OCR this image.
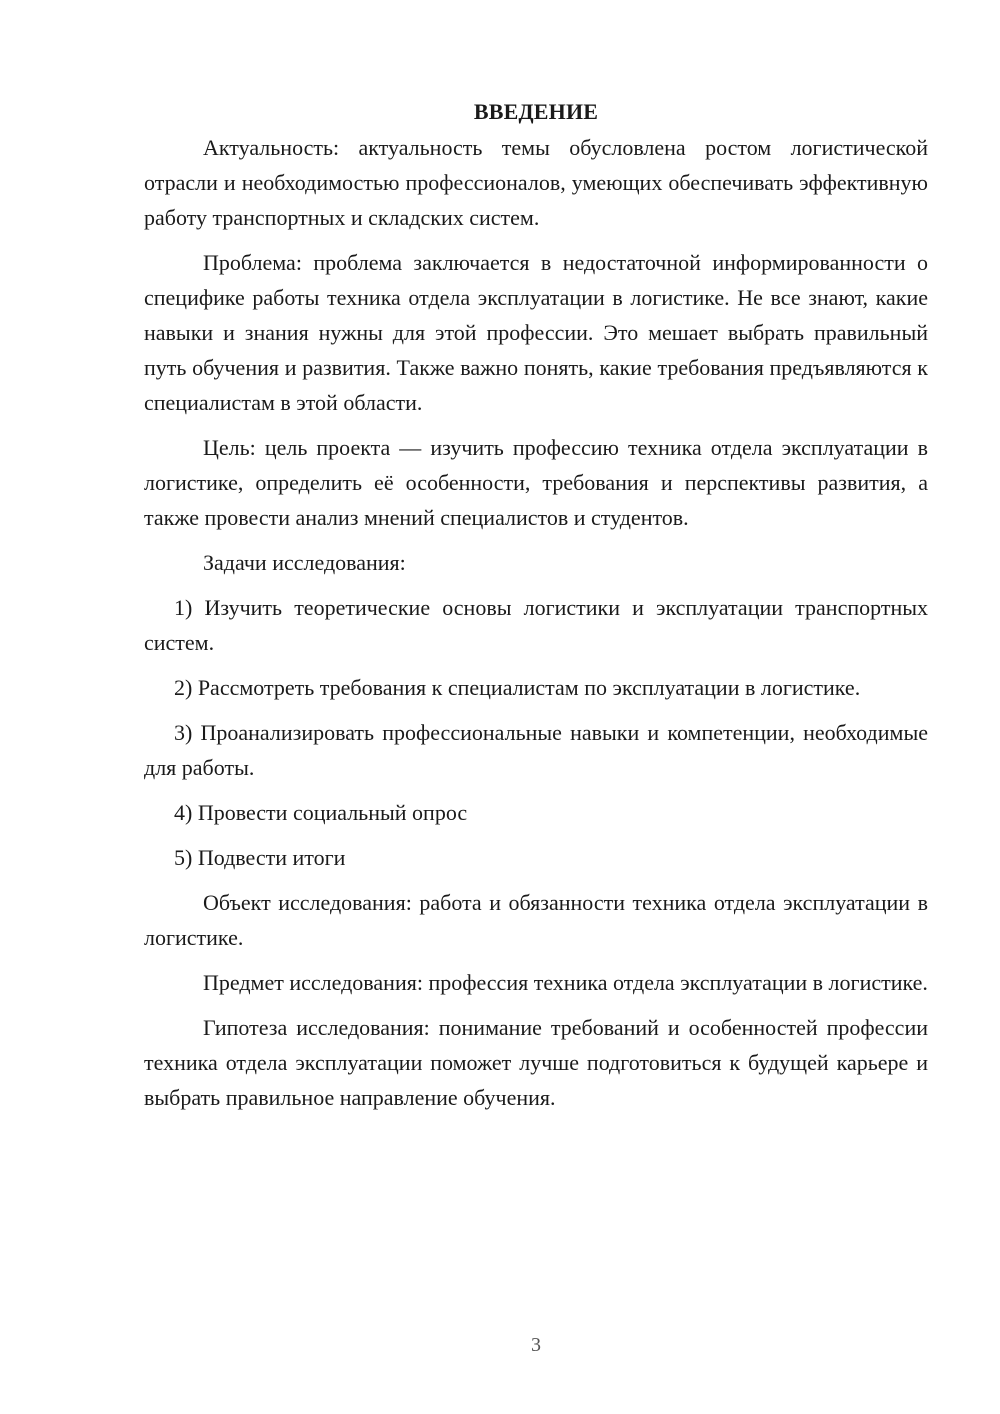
ВВЕДЕНИЕ

Актуальность: актуальность темы обусловлена ростом логистической отрасли и необходимостью профессионалов, умеющих обеспечивать эффективную работу транспортных и складских систем.

Проблема: проблема заключается в недостаточной информированности о специфике работы техника отдела эксплуатации в логистике. Не все знают, какие навыки и знания нужны для этой профессии. Это мешает выбрать правильный путь обучения и развития. Также важно понять, какие требования предъявляются к специалистам в этой области.

Цель: цель проекта — изучить профессию техника отдела эксплуатации в логистике, определить её особенности, требования и перспективы развития, а также провести анализ мнений специалистов и студентов.

Задачи исследования:

1) Изучить теоретические основы логистики и эксплуатации транспортных систем.

2) Рассмотреть требования к специалистам по эксплуатации в логистике.

3) Проанализировать профессиональные навыки и компетенции, необходимые для работы.

4) Провести социальный опрос

5) Подвести итоги

Объект исследования: работа и обязанности техника отдела эксплуатации в логистике.

Предмет исследования: профессия техника отдела эксплуатации в логистике.

Гипотеза исследования: понимание требований и особенностей профессии техника отдела эксплуатации поможет лучше подготовиться к будущей карьере и выбрать правильное направление обучения.

3
